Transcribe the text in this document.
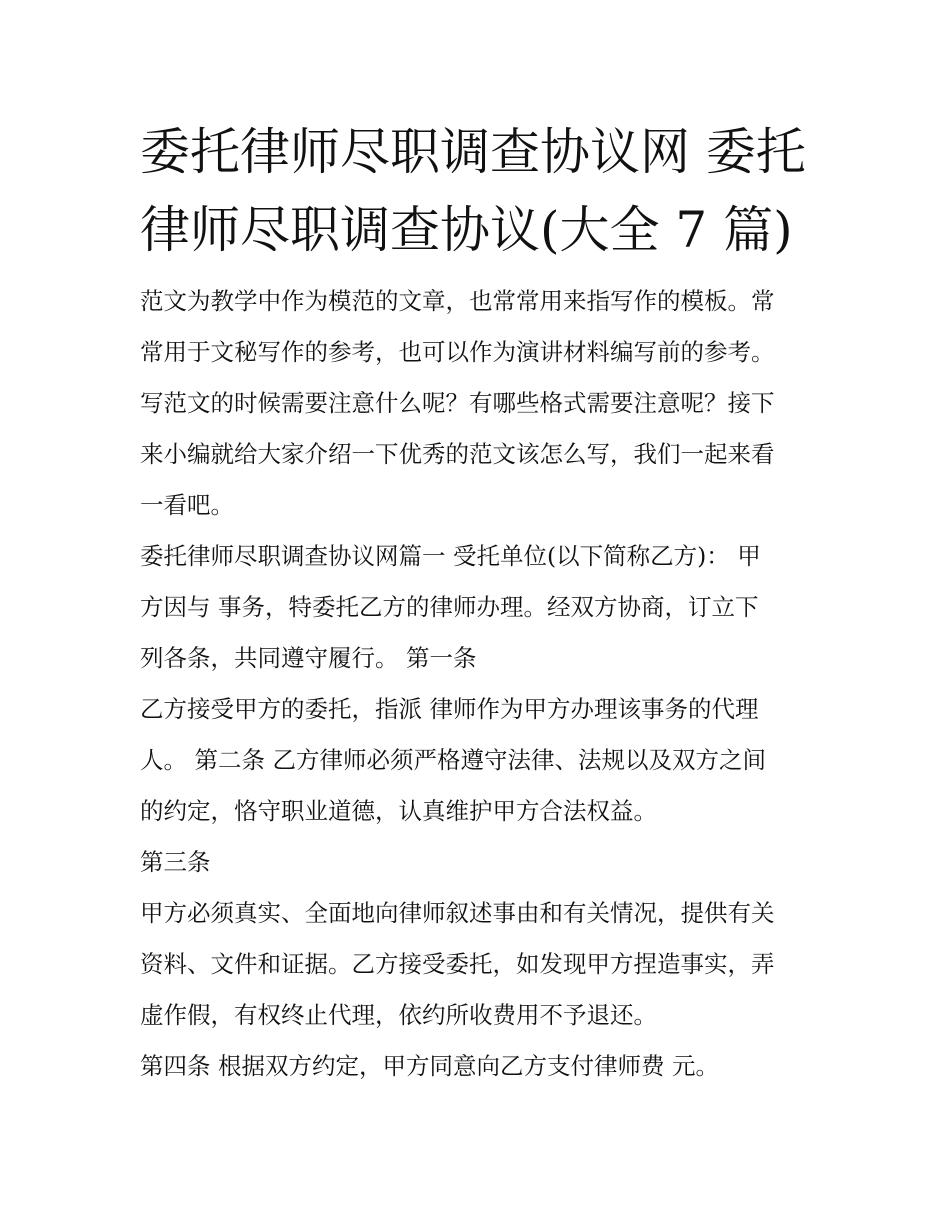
委托律师尽职调查协议网 委托
律师尽职调查协议(大全 7 篇)

范文为教学中作为模范的文章，也常常用来指写作的模板。常
常用于文秘写作的参考，也可以作为演讲材料编写前的参考。
写范文的时候需要注意什么呢？有哪些格式需要注意呢？接下
来小编就给大家介绍一下优秀的范文该怎么写，我们一起来看
一看吧。

委托律师尽职调查协议网篇一 受托单位(以下简称乙方)： 甲
方因与 事务，特委托乙方的律师办理。经双方协商，订立下
列各条，共同遵守履行。 第一条

乙方接受甲方的委托，指派 律师作为甲方办理该事务的代理
人。 第二条 乙方律师必须严格遵守法律、法规以及双方之间
的约定，恪守职业道德，认真维护甲方合法权益。

第三条

甲方必须真实、全面地向律师叙述事由和有关情况，提供有关
资料、文件和证据。乙方接受委托，如发现甲方捏造事实，弄
虚作假，有权终止代理，依约所收费用不予退还。

第四条 根据双方约定，甲方同意向乙方支付律师费 元。
